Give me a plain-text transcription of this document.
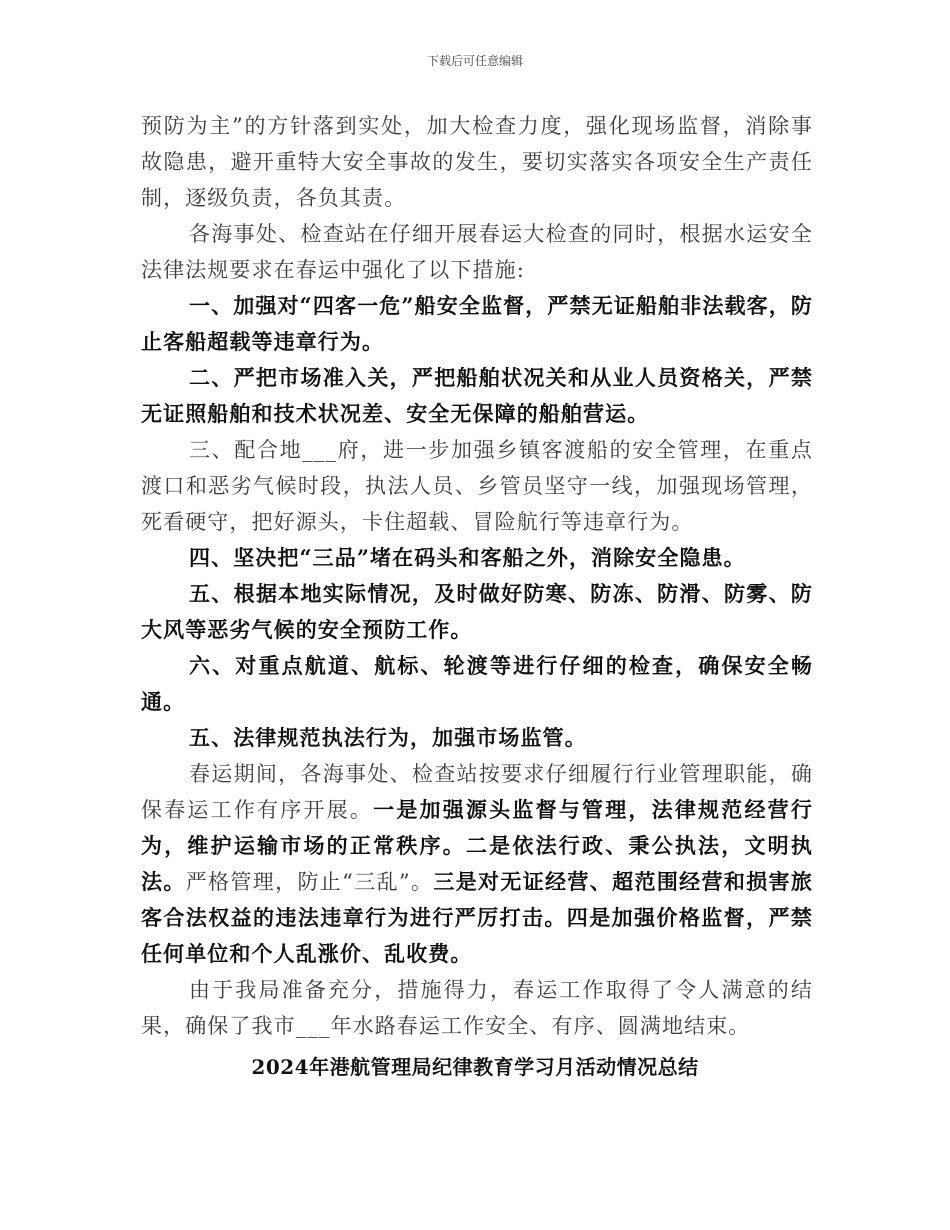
下载后可任意编辑

预防为主”的方针落到实处，加大检查力度，强化现场监督，消除事故隐患，避开重特大安全事故的发生，要切实落实各项安全生产责任制，逐级负责，各负其责。

各海事处、检查站在仔细开展春运大检查的同时，根据水运安全法律法规要求在春运中强化了以下措施:

一、加强对“四客一危”船安全监督，严禁无证船舶非法载客，防止客船超载等违章行为。

二、严把市场准入关，严把船舶状况关和从业人员资格关，严禁无证照船舶和技术状况差、安全无保障的船舶营运。

三、配合地___府，进一步加强乡镇客渡船的安全管理，在重点渡口和恶劣气候时段，执法人员、乡管员坚守一线，加强现场管理，死看硬守，把好源头，卡住超载、冒险航行等违章行为。

四、坚决把“三品”堵在码头和客船之外，消除安全隐患。

五、根据本地实际情况，及时做好防寒、防冻、防滑、防雾、防大风等恶劣气候的安全预防工作。

六、对重点航道、航标、轮渡等进行仔细的检查，确保安全畅通。

五、法律规范执法行为，加强市场监管。

春运期间，各海事处、检查站按要求仔细履行行业管理职能，确保春运工作有序开展。一是加强源头监督与管理，法律规范经营行为，维护运输市场的正常秩序。二是依法行政、秉公执法，文明执法。严格管理，防止“三乱”。三是对无证经营、超范围经营和损害旅客合法权益的违法违章行为进行严厉打击。四是加强价格监督，严禁任何单位和个人乱涨价、乱收费。

由于我局准备充分，措施得力，春运工作取得了令人满意的结果，确保了我市___年水路春运工作安全、有序、圆满地结束。

2024年港航管理局纪律教育学习月活动情况总结
